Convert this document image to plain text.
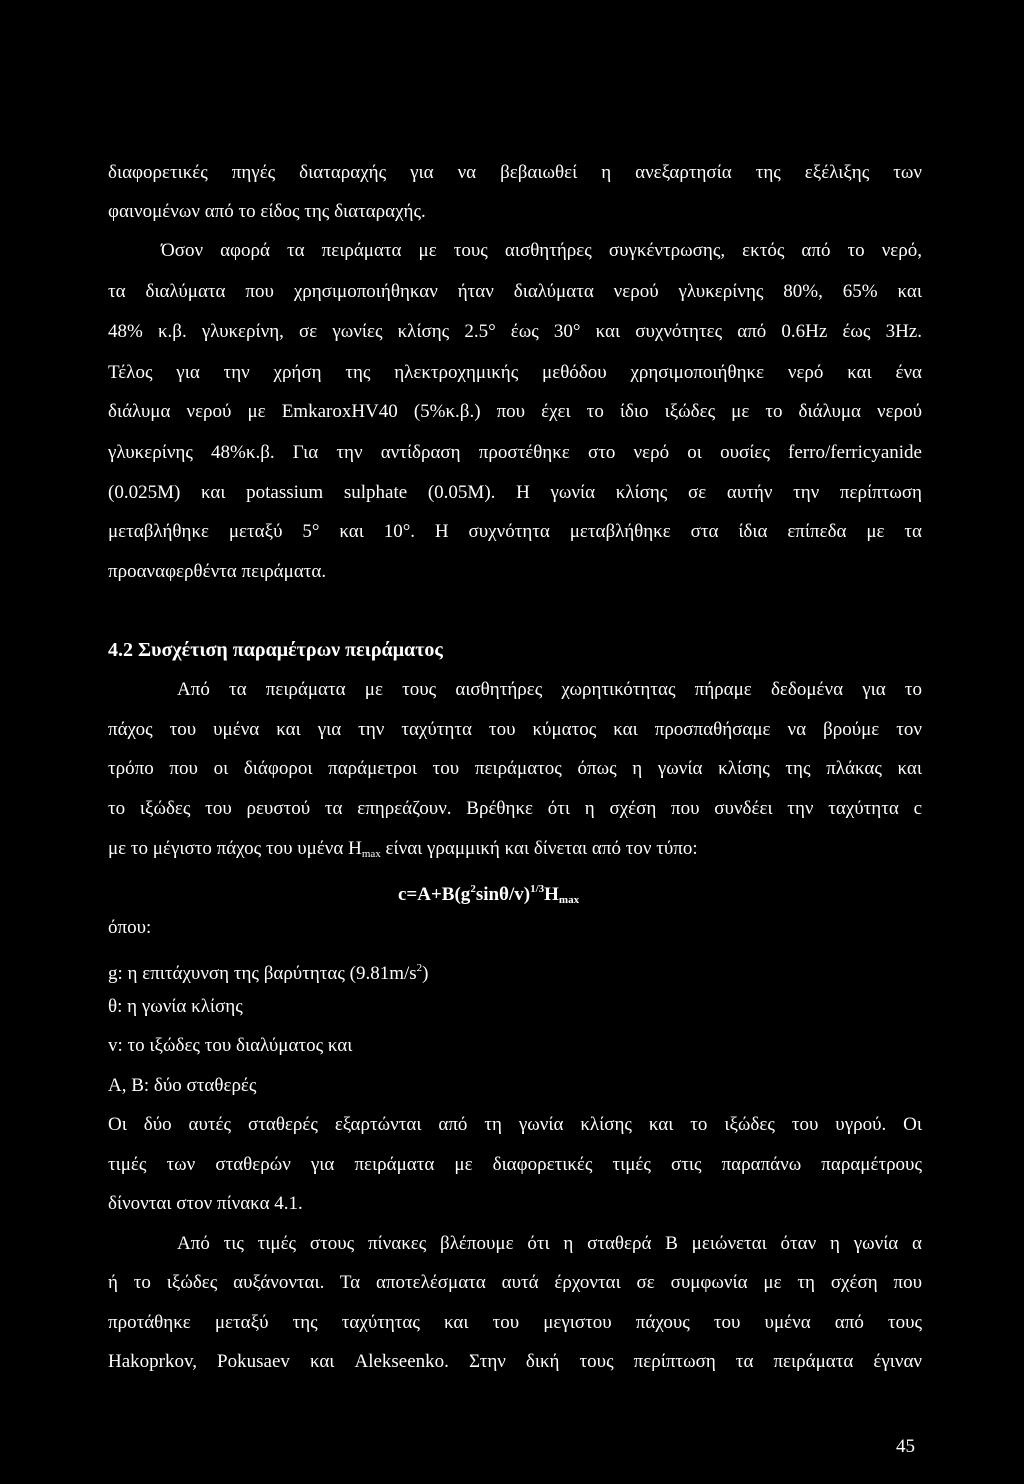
διαφορετικές πηγές διαταραχής για να βεβαιωθεί η ανεξαρτησία της εξέλιξης των
φαινομένων από το είδος της διαταραχής.
Όσον αφορά τα πειράματα με τους αισθητήρες συγκέντρωσης, εκτός από το νερό,
τα διαλύματα που χρησιμοποιήθηκαν ήταν διαλύματα νερού γλυκερίνης 80%, 65% και
48% κ.β. γλυκερίνη, σε γωνίες κλίσης 2.5° έως 30° και συχνότητες από 0.6Hz έως 3Hz.
Τέλος για την χρήση της ηλεκτροχημικής μεθόδου χρησιμοποιήθηκε νερό και ένα
διάλυμα νερού με EmkaroxHV40 (5%κ.β.) που έχει το ίδιο ιξώδες με το διάλυμα νερού
γλυκερίνης 48%κ.β. Για την αντίδραση προστέθηκε στο νερό οι ουσίες ferro/ferricyanide
(0.025M) και potassium sulphate (0.05M). Η γωνία κλίσης σε αυτήν την περίπτωση
μεταβλήθηκε μεταξύ 5° και 10°. Η συχνότητα μεταβλήθηκε στα ίδια επίπεδα με τα
προαναφερθέντα πειράματα.
4.2 Συσχέτιση παραμέτρων πειράματος
Από τα πειράματα με τους αισθητήρες χωρητικότητας πήραμε δεδομένα για το
πάχος του υμένα και για την ταχύτητα του κύματος και προσπαθήσαμε να βρούμε τον
τρόπο που οι διάφοροι παράμετροι του πειράματος όπως η γωνία κλίσης της πλάκας και
το ιξώδες του ρευστού τα επηρεάζουν. Βρέθηκε ότι η σχέση που συνδέει την ταχύτητα c
με το μέγιστο πάχος του υμένα $H_{max}$ είναι γραμμική και δίνεται από τον τύπο:
$c=A+B(g^2\sin\theta/v)^{1/3}H_{max}$
όπου:
g: η επιτάχυνση της βαρύτητας $(9.81m/s^2)$
θ: η γωνία κλίσης
v: το ιξώδες του διαλύματος και
A, B: δύο σταθερές
Οι δύο αυτές σταθερές εξαρτώνται από τη γωνία κλίσης και το ιξώδες του υγρού. Οι
τιμές των σταθερών για πειράματα με διαφορετικές τιμές στις παραπάνω παραμέτρους
δίνονται στον πίνακα 4.1.
Από τις τιμές στους πίνακες βλέπουμε ότι η σταθερά B μειώνεται όταν η γωνία α
ή το ιξώδες αυξάνονται. Τα αποτελέσματα αυτά έρχονται σε συμφωνία με τη σχέση που
προτάθηκε μεταξύ της ταχύτητας και του μεγιστου πάχους του υμένα από τους
Hakoprkov, Pokusaev και Alekseenko. Στην δική τους περίπτωση τα πειράματα έγιναν
45
